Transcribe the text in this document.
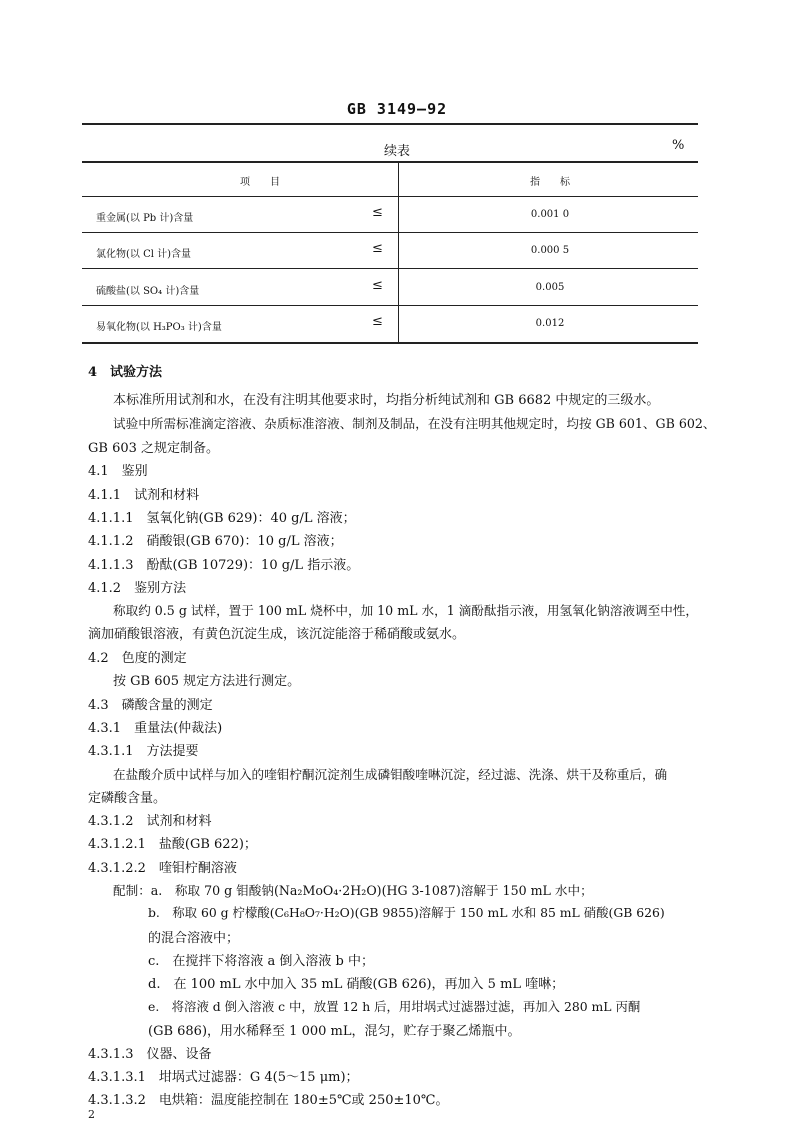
GB 3149—92
续表	%
项　　目	指　　标
重金属(以 Pb 计)含量	≤	0.001 0
氯化物(以 Cl 计)含量	≤	0.000 5
硫酸盐(以 SO₄ 计)含量	≤	0.005
易氧化物(以 H₃PO₃ 计)含量	≤	0.012
4　试验方法
本标准所用试剂和水，在没有注明其他要求时，均指分析纯试剂和 GB 6682 中规定的三级水。
试验中所需标准滴定溶液、杂质标准溶液、制剂及制品，在没有注明其他规定时，均按 GB 601、GB 602、
GB 603 之规定制备。
4.1　鉴别
4.1.1　试剂和材料
4.1.1.1　氢氧化钠(GB 629)：40 g/L 溶液；
4.1.1.2　硝酸银(GB 670)：10 g/L 溶液；
4.1.1.3　酚酞(GB 10729)：10 g/L 指示液。
4.1.2　鉴别方法
称取约 0.5 g 试样，置于 100 mL 烧杯中，加 10 mL 水，1 滴酚酞指示液，用氢氧化钠溶液调至中性，
滴加硝酸银溶液，有黄色沉淀生成，该沉淀能溶于稀硝酸或氨水。
4.2　色度的测定
按 GB 605 规定方法进行测定。
4.3　磷酸含量的测定
4.3.1　重量法(仲裁法)
4.3.1.1　方法提要
在盐酸介质中试样与加入的喹钼柠酮沉淀剂生成磷钼酸喹啉沉淀，经过滤、洗涤、烘干及称重后，确
定磷酸含量。
4.3.1.2　试剂和材料
4.3.1.2.1　盐酸(GB 622)；
4.3.1.2.2　喹钼柠酮溶液
配制：a.　称取 70 g 钼酸钠(Na₂MoO₄·2H₂O)(HG 3-1087)溶解于 150 mL 水中；
b.　称取 60 g 柠檬酸(C₆H₈O₇·H₂O)(GB 9855)溶解于 150 mL 水和 85 mL 硝酸(GB 626)
的混合溶液中；
c.　在搅拌下将溶液 a 倒入溶液 b 中；
d.　在 100 mL 水中加入 35 mL 硝酸(GB 626)，再加入 5 mL 喹啉；
e.　将溶液 d 倒入溶液 c 中，放置 12 h 后，用坩埚式过滤器过滤，再加入 280 mL 丙酮
(GB 686)，用水稀释至 1 000 mL，混匀，贮存于聚乙烯瓶中。
4.3.1.3　仪器、设备
4.3.1.3.1　坩埚式过滤器：G 4(5～15 μm)；
4.3.1.3.2　电烘箱：温度能控制在 180±5℃或 250±10℃。
2
